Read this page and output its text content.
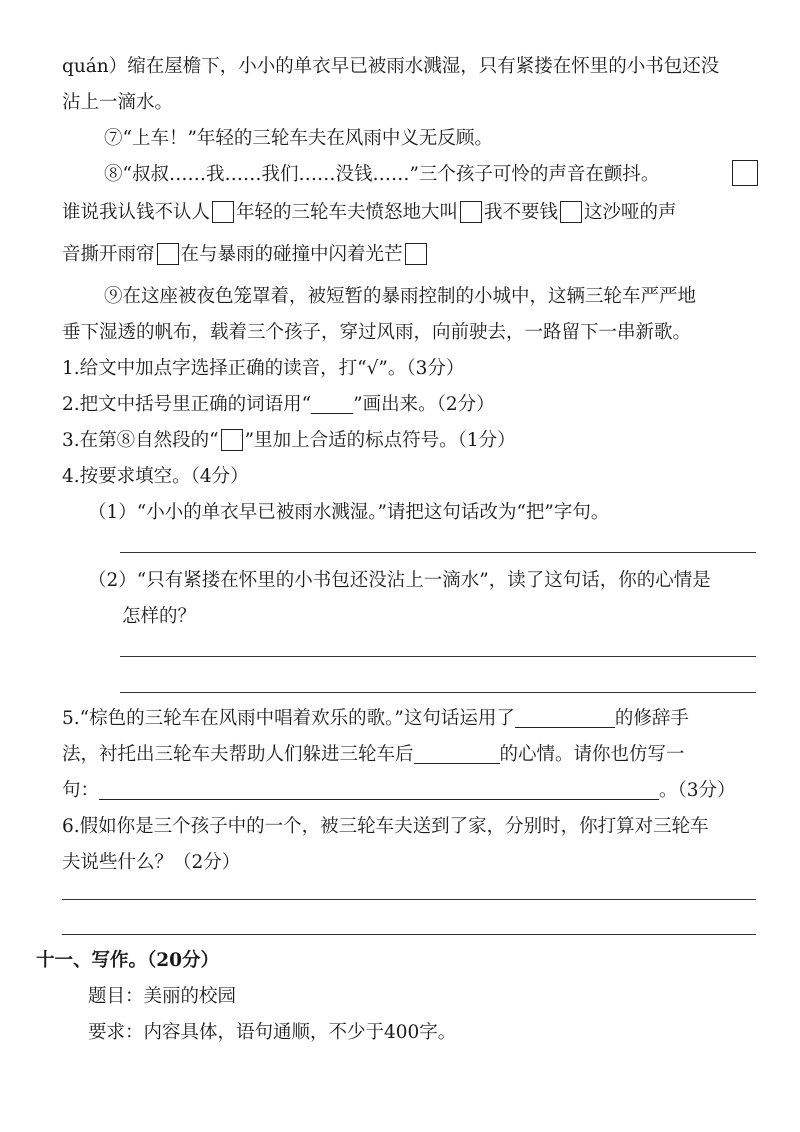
quán）缩在屋檐下，小小的单衣早已被雨水溅湿，只有紧搂在怀里的小书包还没
沾上一滴水。
⑦“上车！”年轻的三轮车夫在风雨中义无反顾。
⑧“叔叔……我……我们……没钱……”三个孩子可怜的声音在颤抖。
谁说我认钱不认人 年轻的三轮车夫愤怒地大叫 我不要钱 这沙哑的声
音撕开雨帘 在与暴雨的碰撞中闪着光芒
⑨在这座被夜色笼罩着，被短暂的暴雨控制的小城中，这辆三轮车严严地
垂下湿透的帆布，载着三个孩子，穿过风雨，向前驶去，一路留下一串新歌。
1.给文中加点字选择正确的读音，打“√”。（3分）
2.把文中括号里正确的词语用“ ”画出来。（2分）
3.在第⑧自然段的“ ”里加上合适的标点符号。（1分）
4.按要求填空。（4分）
（1）“小小的单衣早已被雨水溅湿。”请把这句话改为“把”字句。
（2）“只有紧搂在怀里的小书包还没沾上一滴水”，读了这句话，你的心情是
怎样的？
5.“棕色的三轮车在风雨中唱着欢乐的歌。”这句话运用了	的修辞手
法，衬托出三轮车夫帮助人们躲进三轮车后	的心情。请你也仿写一
句：	。（3分）
6.假如你是三个孩子中的一个，被三轮车夫送到了家，分别时，你打算对三轮车
夫说些什么？（2分）
十一、写作。（20分）
题目：美丽的校园
要求：内容具体，语句通顺，不少于400字。
